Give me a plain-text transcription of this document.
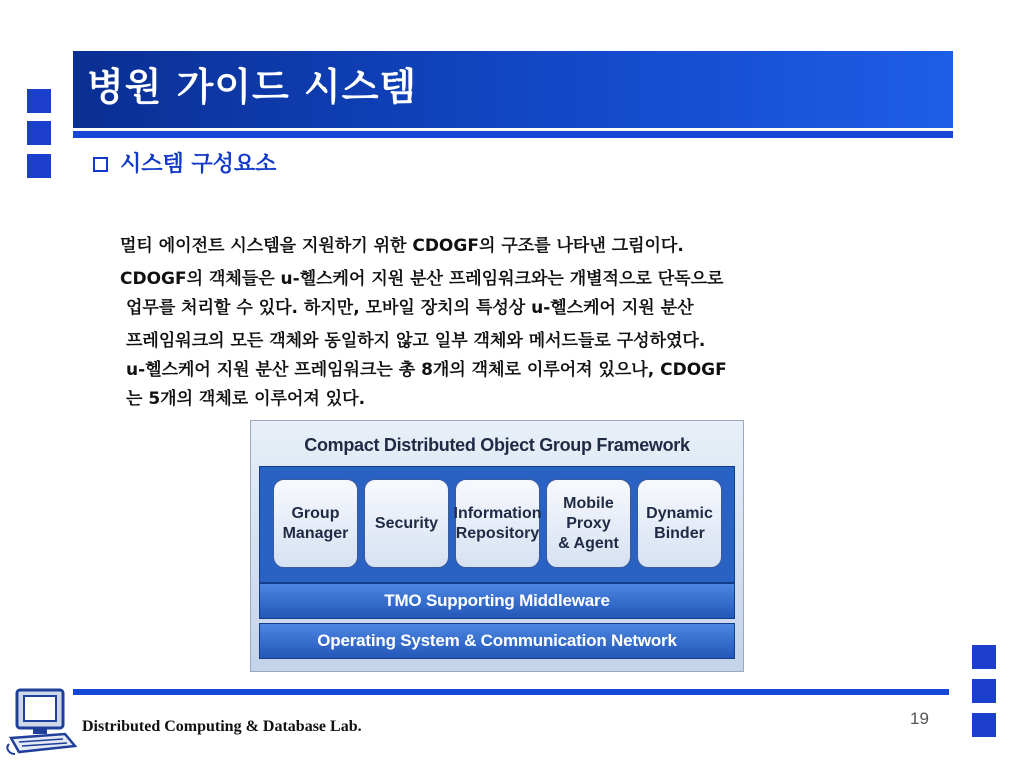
병원 가이드 시스템
시스템 구성요소

멀티 에이전트 시스템을 지원하기 위한 CDOGF의 구조를 나타낸 그림이다.

CDOGF의 객체들은 u-헬스케어 지원 분산 프레임워크와는 개별적으로 단독으로

업무를 처리할 수 있다. 하지만, 모바일 장치의 특성상 u-헬스케어 지원 분산

프레임워크의 모든 객체와 동일하지 않고 일부 객체와 메서드들로 구성하였다.

u-헬스케어 지원 분산 프레임워크는 총 8개의 객체로 이루어져 있으나, CDOGF

는 5개의 객체로 이루어져 있다.

Compact Distributed Object Group Framework
Group
Manager
Security
Information
Repository
Mobile
Proxy
& Agent
Dynamic
Binder
TMO Supporting Middleware
Operating System & Communication Network

Distributed Computing & Database Lab.	19
